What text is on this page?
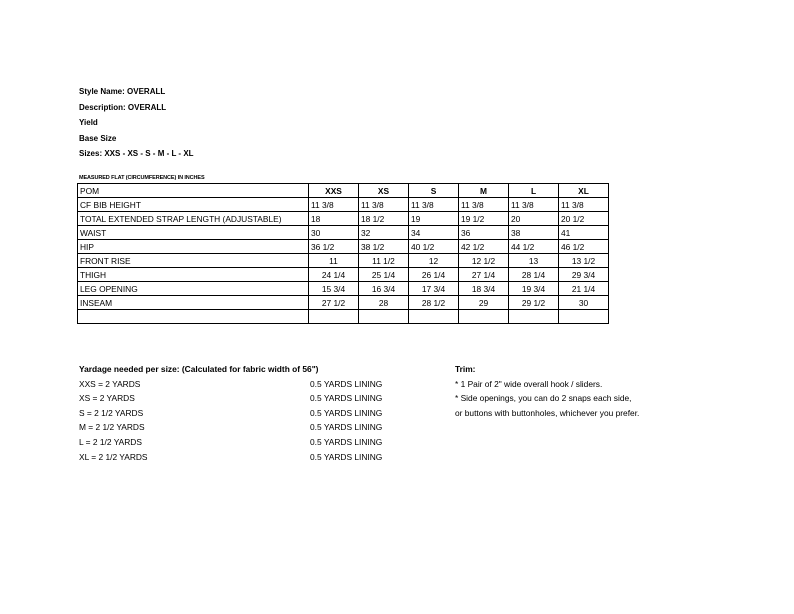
Style Name: OVERALL
Description: OVERALL
Yield
Base Size
Sizes: XXS - XS - S - M - L - XL
MEASURED FLAT (CIRCUMFERENCE) IN INCHES
POM	XXS	XS	S	M	L	XL
CF BIB HEIGHT	11 3/8	11 3/8	11 3/8	11 3/8	11 3/8	11 3/8
TOTAL EXTENDED STRAP LENGTH (ADJUSTABLE)	18	18 1/2	19	19 1/2	20	20 1/2
WAIST	30	32	34	36	38	41
HIP	36 1/2	38 1/2	40 1/2	42 1/2	44 1/2	46 1/2
FRONT RISE	11	11 1/2	12	12 1/2	13	13 1/2
THIGH	24 1/4	25 1/4	26 1/4	27 1/4	28 1/4	29 3/4
LEG OPENING	15 3/4	16 3/4	17 3/4	18 3/4	19 3/4	21 1/4
INSEAM	27 1/2	28	28 1/2	29	29 1/2	30

Yardage needed per size: (Calculated for fabric width of 56")
XXS = 2 YARDS	0.5 YARDS LINING
XS = 2 YARDS	0.5 YARDS LINING
S = 2 1/2 YARDS	0.5 YARDS LINING
M = 2 1/2 YARDS	0.5 YARDS LINING
L = 2 1/2 YARDS	0.5 YARDS LINING
XL = 2 1/2 YARDS	0.5 YARDS LINING
Trim:
* 1 Pair of 2" wide overall hook / sliders.
* Side openings, you can do 2 snaps each side,
or buttons with buttonholes, whichever you prefer.
